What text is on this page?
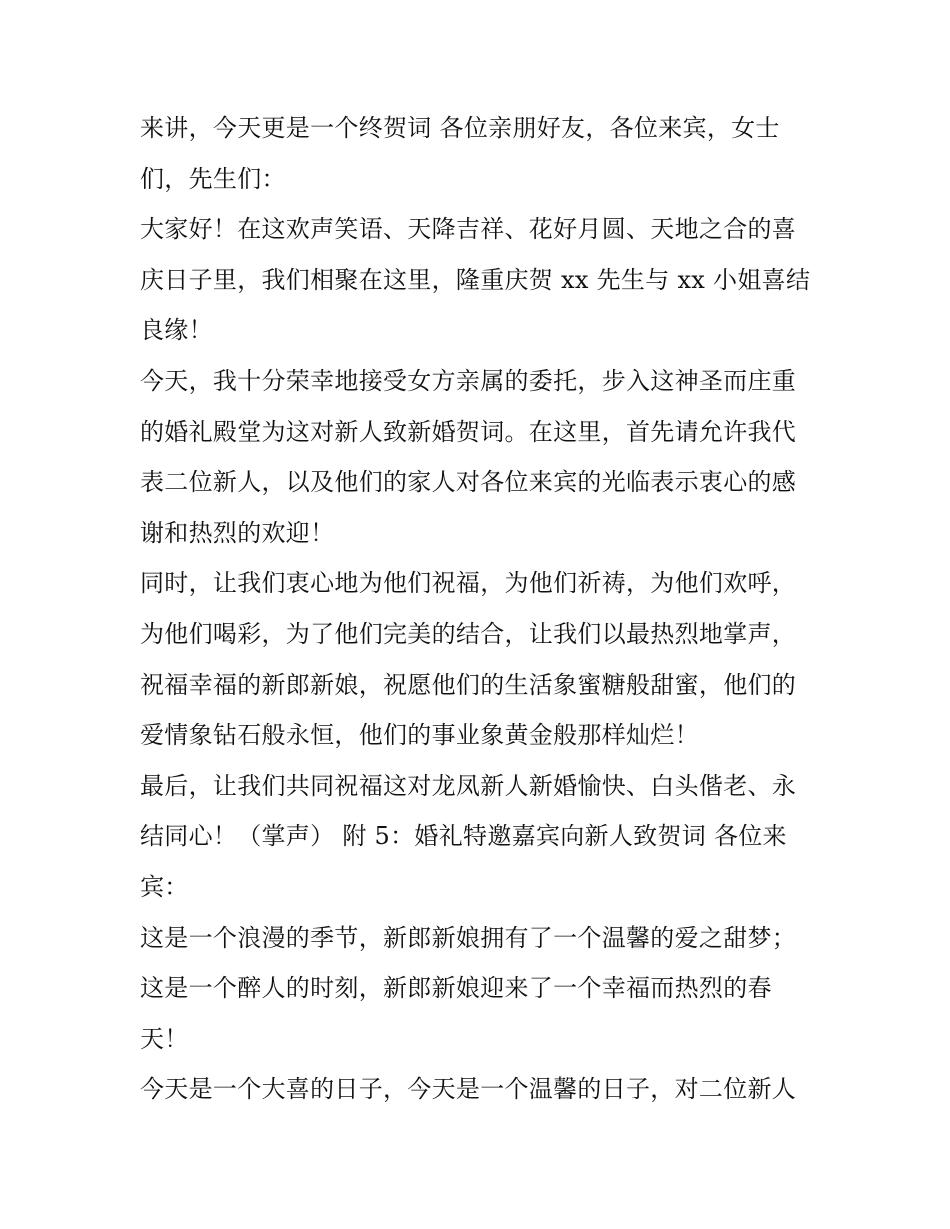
来讲，今天更是一个终贺词 各位亲朋好友，各位来宾，女士
们，先生们：
大家好！在这欢声笑语、天降吉祥、花好月圆、天地之合的喜
庆日子里，我们相聚在这里，隆重庆贺 xx 先生与 xx 小姐喜结
良缘！
今天，我十分荣幸地接受女方亲属的委托，步入这神圣而庄重
的婚礼殿堂为这对新人致新婚贺词。在这里，首先请允许我代
表二位新人，以及他们的家人对各位来宾的光临表示衷心的感
谢和热烈的欢迎！
同时，让我们衷心地为他们祝福，为他们祈祷，为他们欢呼，
为他们喝彩，为了他们完美的结合，让我们以最热烈地掌声，
祝福幸福的新郎新娘，祝愿他们的生活象蜜糖般甜蜜，他们的
爱情象钻石般永恒，他们的事业象黄金般那样灿烂！
最后，让我们共同祝福这对龙凤新人新婚愉快、白头偕老、永
结同心！（掌声） 附 5：婚礼特邀嘉宾向新人致贺词 各位来
宾：
这是一个浪漫的季节，新郎新娘拥有了一个温馨的爱之甜梦；
这是一个醉人的时刻，新郎新娘迎来了一个幸福而热烈的春
天！
今天是一个大喜的日子，今天是一个温馨的日子，对二位新人
